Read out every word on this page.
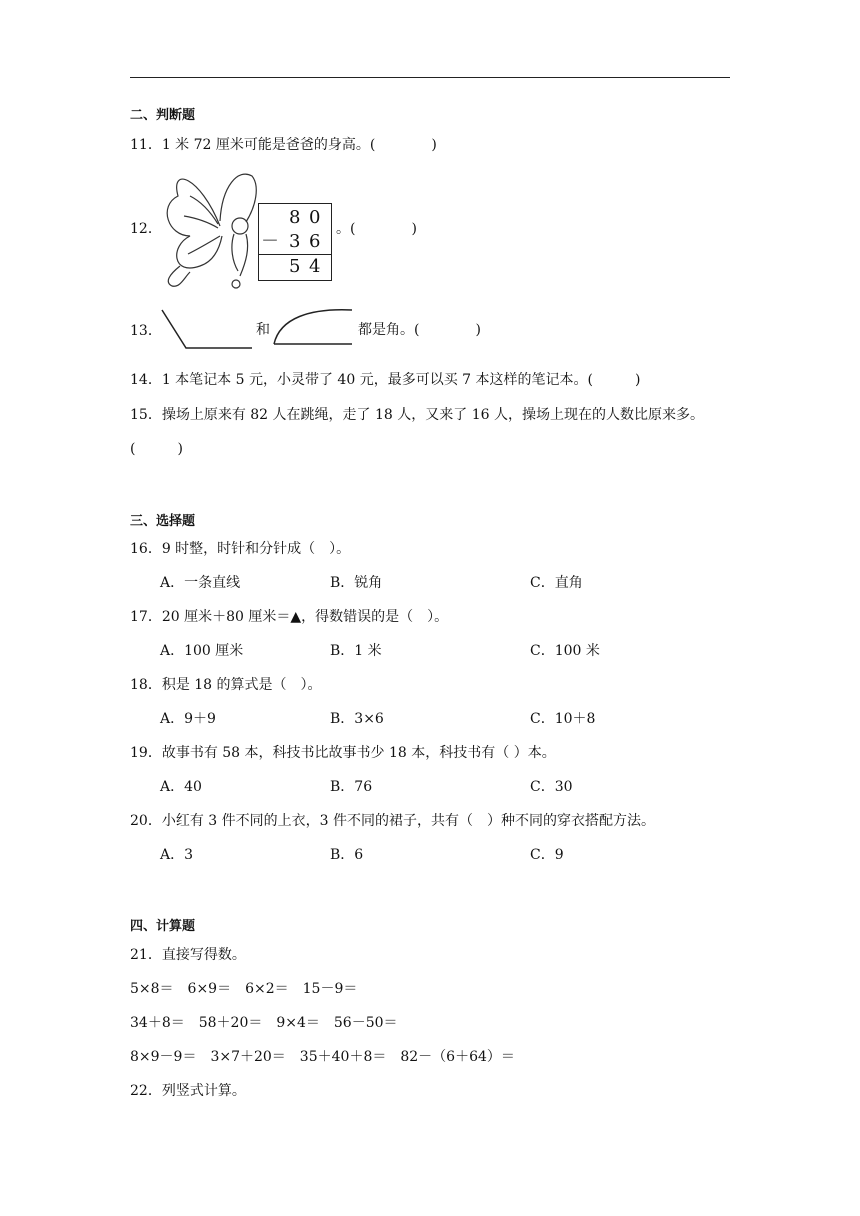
二、判断题
11．1 米 72 厘米可能是爸爸的身高。(　　　　)
12．
8 0
－ 3 6
5 4
。(　　　　)
13．	和	都是角。(　　　　)
14．1 本笔记本 5 元，小灵带了 40 元，最多可以买 7 本这样的笔记本。(　　　)
15．操场上原来有 82 人在跳绳，走了 18 人，又来了 16 人，操场上现在的人数比原来多。
(　　　)
三、选择题
16．9 时整，时针和分针成（　）。
A．一条直线	B．锐角	C．直角
17．20 厘米＋80 厘米＝▲，得数错误的是（　）。
A．100 厘米	B．1 米	C．100 米
18．积是 18 的算式是（　）。
A．9＋9	B．3×6	C．10＋8
19．故事书有 58 本，科技书比故事书少 18 本，科技书有（ ）本。
A．40	B．76	C．30
20．小红有 3 件不同的上衣，3 件不同的裙子，共有（　）种不同的穿衣搭配方法。
A．3	B．6	C．9
四、计算题
21．直接写得数。
5×8＝　6×9＝　6×2＝　15－9＝
34＋8＝　58＋20＝　9×4＝　56－50＝
8×9－9＝　3×7＋20＝　35＋40＋8＝　82－（6＋64）＝
22．列竖式计算。
